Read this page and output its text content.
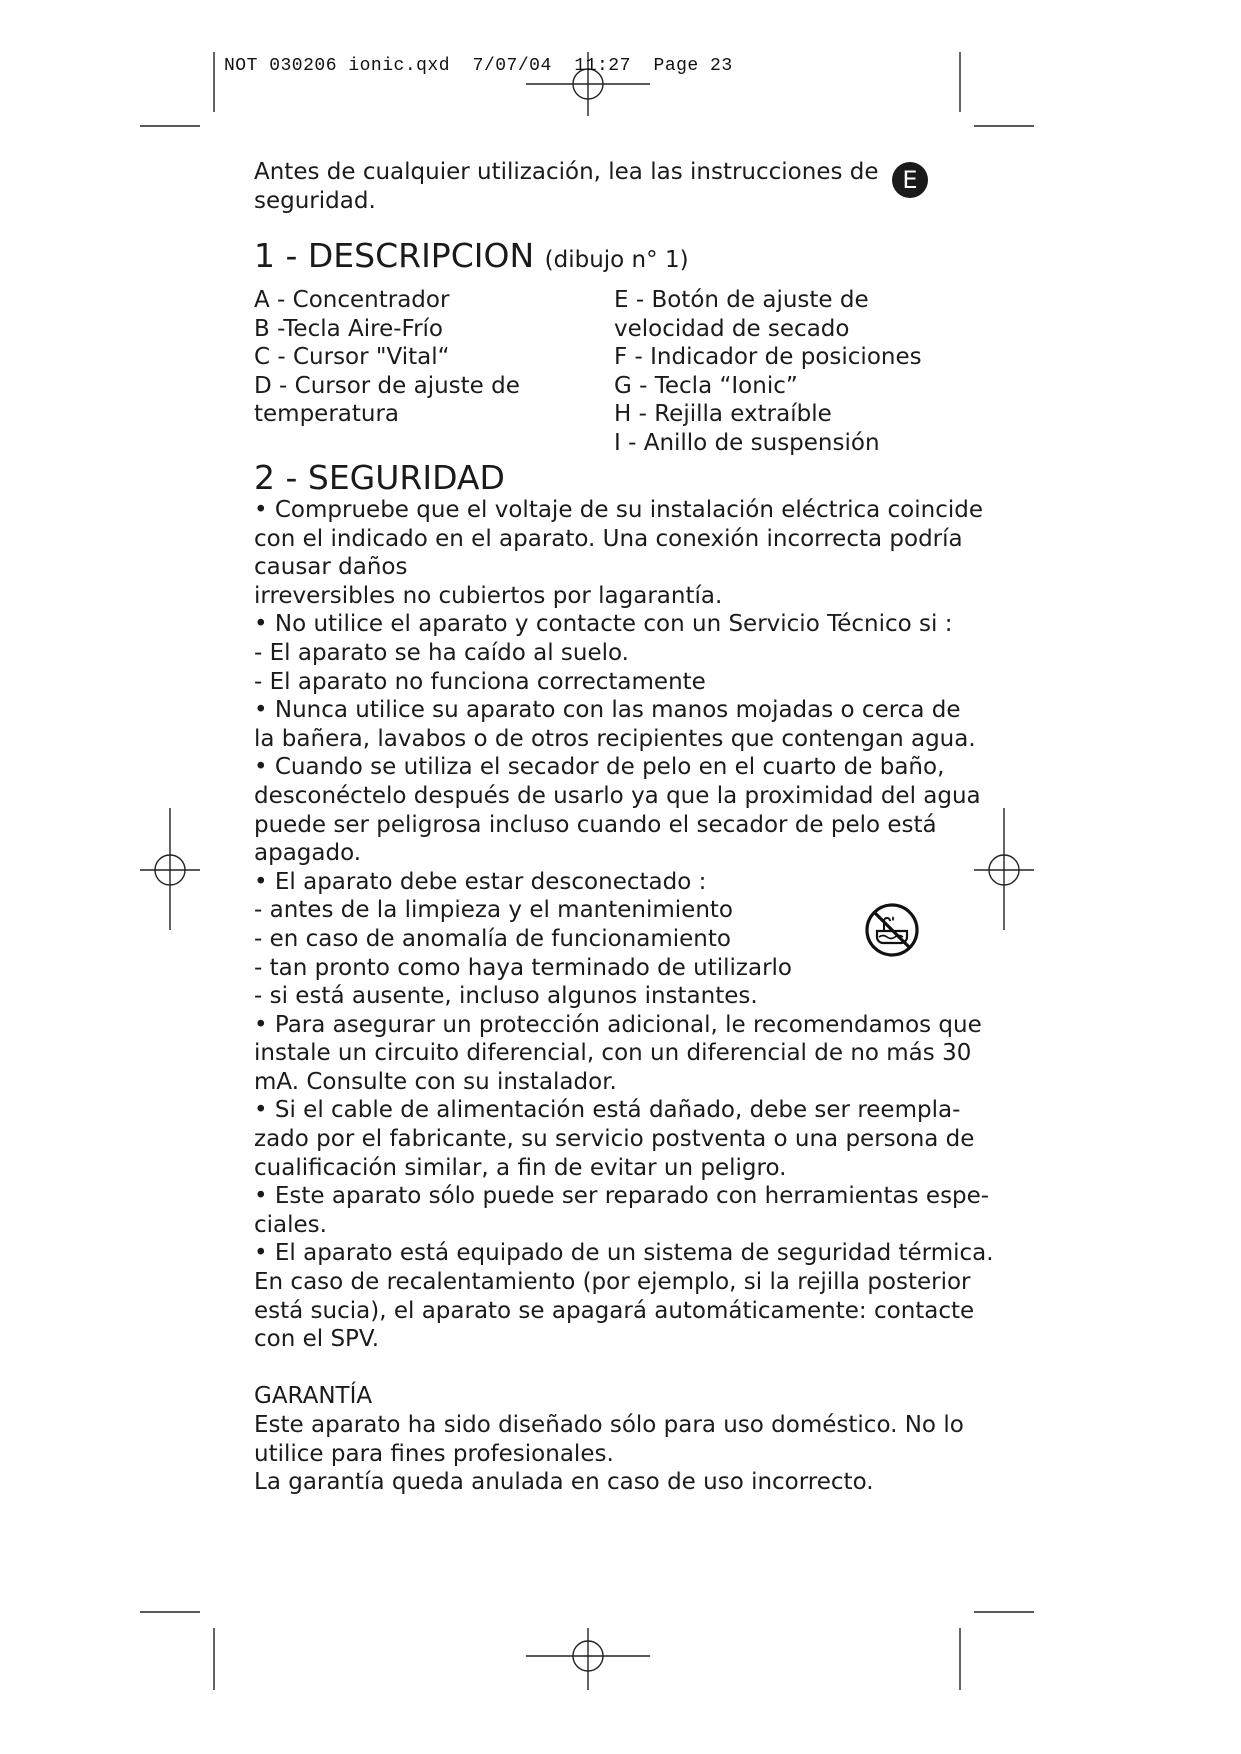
NOT 030206 ionic.qxd 7/07/04 11:27 Page 23
Antes de cualquier utilización, lea las instrucciones de
seguridad.
E
1 - DESCRIPCION (dibujo n° 1)
A - Concentrador
B -Tecla Aire-Frío
C - Cursor "Vital“
D - Cursor de ajuste de
temperatura
E - Botón de ajuste de
velocidad de secado
F - Indicador de posiciones
G - Tecla “Ionic”
H - Rejilla extraíble
I - Anillo de suspensión
2 - SEGURIDAD
• Compruebe que el voltaje de su instalación eléctrica coincide
con el indicado en el aparato. Una conexión incorrecta podría
causar daños
irreversibles no cubiertos por lagarantía.
• No utilice el aparato y contacte con un Servicio Técnico si :
- El aparato se ha caído al suelo.
- El aparato no funciona correctamente
• Nunca utilice su aparato con las manos mojadas o cerca de
la bañera, lavabos o de otros recipientes que contengan agua.
• Cuando se utiliza el secador de pelo en el cuarto de baño,
desconéctelo después de usarlo ya que la proximidad del agua
puede ser peligrosa incluso cuando el secador de pelo está
apagado.
• El aparato debe estar desconectado :
- antes de la limpieza y el mantenimiento
- en caso de anomalía de funcionamiento
- tan pronto como haya terminado de utilizarlo
- si está ausente, incluso algunos instantes.
• Para asegurar un protección adicional, le recomendamos que
instale un circuito diferencial, con un diferencial de no más 30
mA. Consulte con su instalador.
• Si el cable de alimentación está dañado, debe ser reempla-
zado por el fabricante, su servicio postventa o una persona de
cualificación similar, a fin de evitar un peligro.
• Este aparato sólo puede ser reparado con herramientas espe-
ciales.
• El aparato está equipado de un sistema de seguridad térmica.
En caso de recalentamiento (por ejemplo, si la rejilla posterior
está sucia), el aparato se apagará automáticamente: contacte
con el SPV.
GARANTÍA
Este aparato ha sido diseñado sólo para uso doméstico. No lo
utilice para fines profesionales.
La garantía queda anulada en caso de uso incorrecto.
